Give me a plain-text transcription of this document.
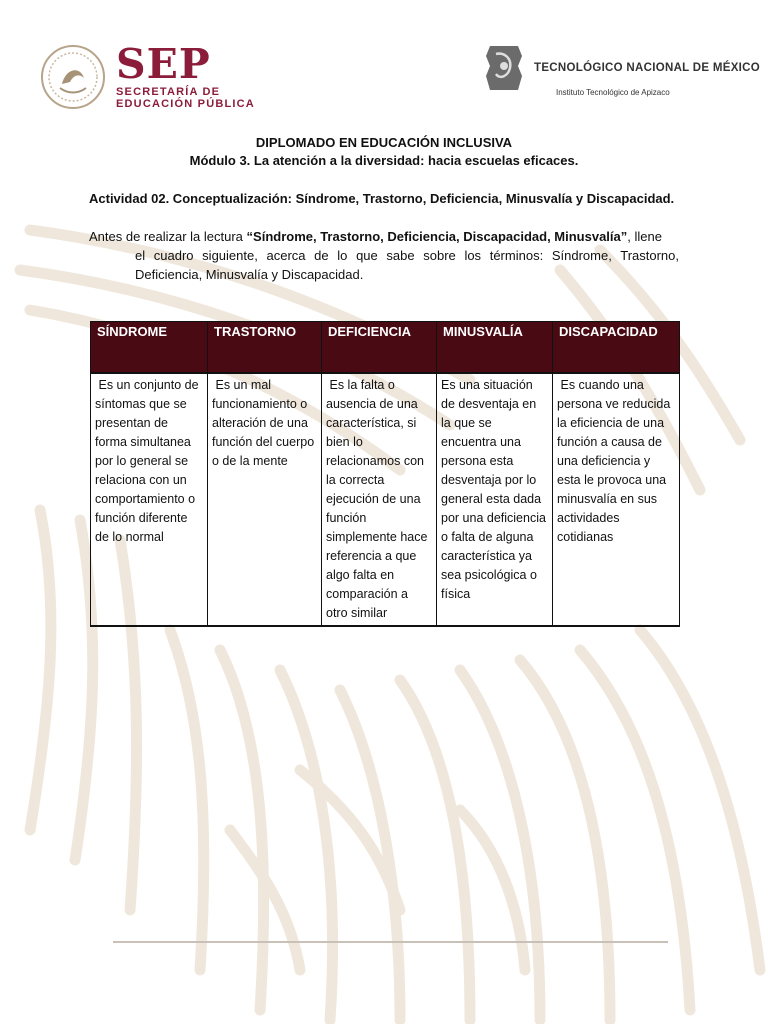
SEP
SECRETARÍA DE
EDUCACIÓN PÚBLICA
TECNOLÓGICO NACIONAL DE MÉXICO
Instituto Tecnológico de Apizaco
DIPLOMADO EN EDUCACIÓN INCLUSIVA
Módulo 3. La atención a la diversidad: hacia escuelas eficaces.
Actividad 02. Conceptualización: Síndrome, Trastorno, Deficiencia, Minusvalía y Discapacidad.
Antes de realizar la lectura “Síndrome, Trastorno, Deficiencia, Discapacidad, Minusvalía”, llene
el cuadro siguiente, acerca de lo que sabe sobre los términos: Síndrome, Trastorno, Deficiencia, Minusvalía y Discapacidad.
SÍNDROME	TRASTORNO	DEFICIENCIA	MINUSVALÍA	DISCAPACIDAD
Es un conjunto de síntomas que se presentan de forma simultanea por lo general se relaciona con un comportamiento o función diferente de lo normal	Es un mal funcionamiento o alteración de una función del cuerpo o de la mente	Es la falta o ausencia de una característica, si bien lo relacionamos con la correcta ejecución de una función simplemente hace referencia a que algo falta en comparación a otro similar	Es una situación de desventaja en la que se encuentra una persona esta desventaja por lo general esta dada por una deficiencia o falta de alguna característica ya sea psicológica o física	Es cuando una persona ve reducida la eficiencia de una función a causa de una deficiencia y esta le provoca una minusvalía en sus actividades cotidianas
